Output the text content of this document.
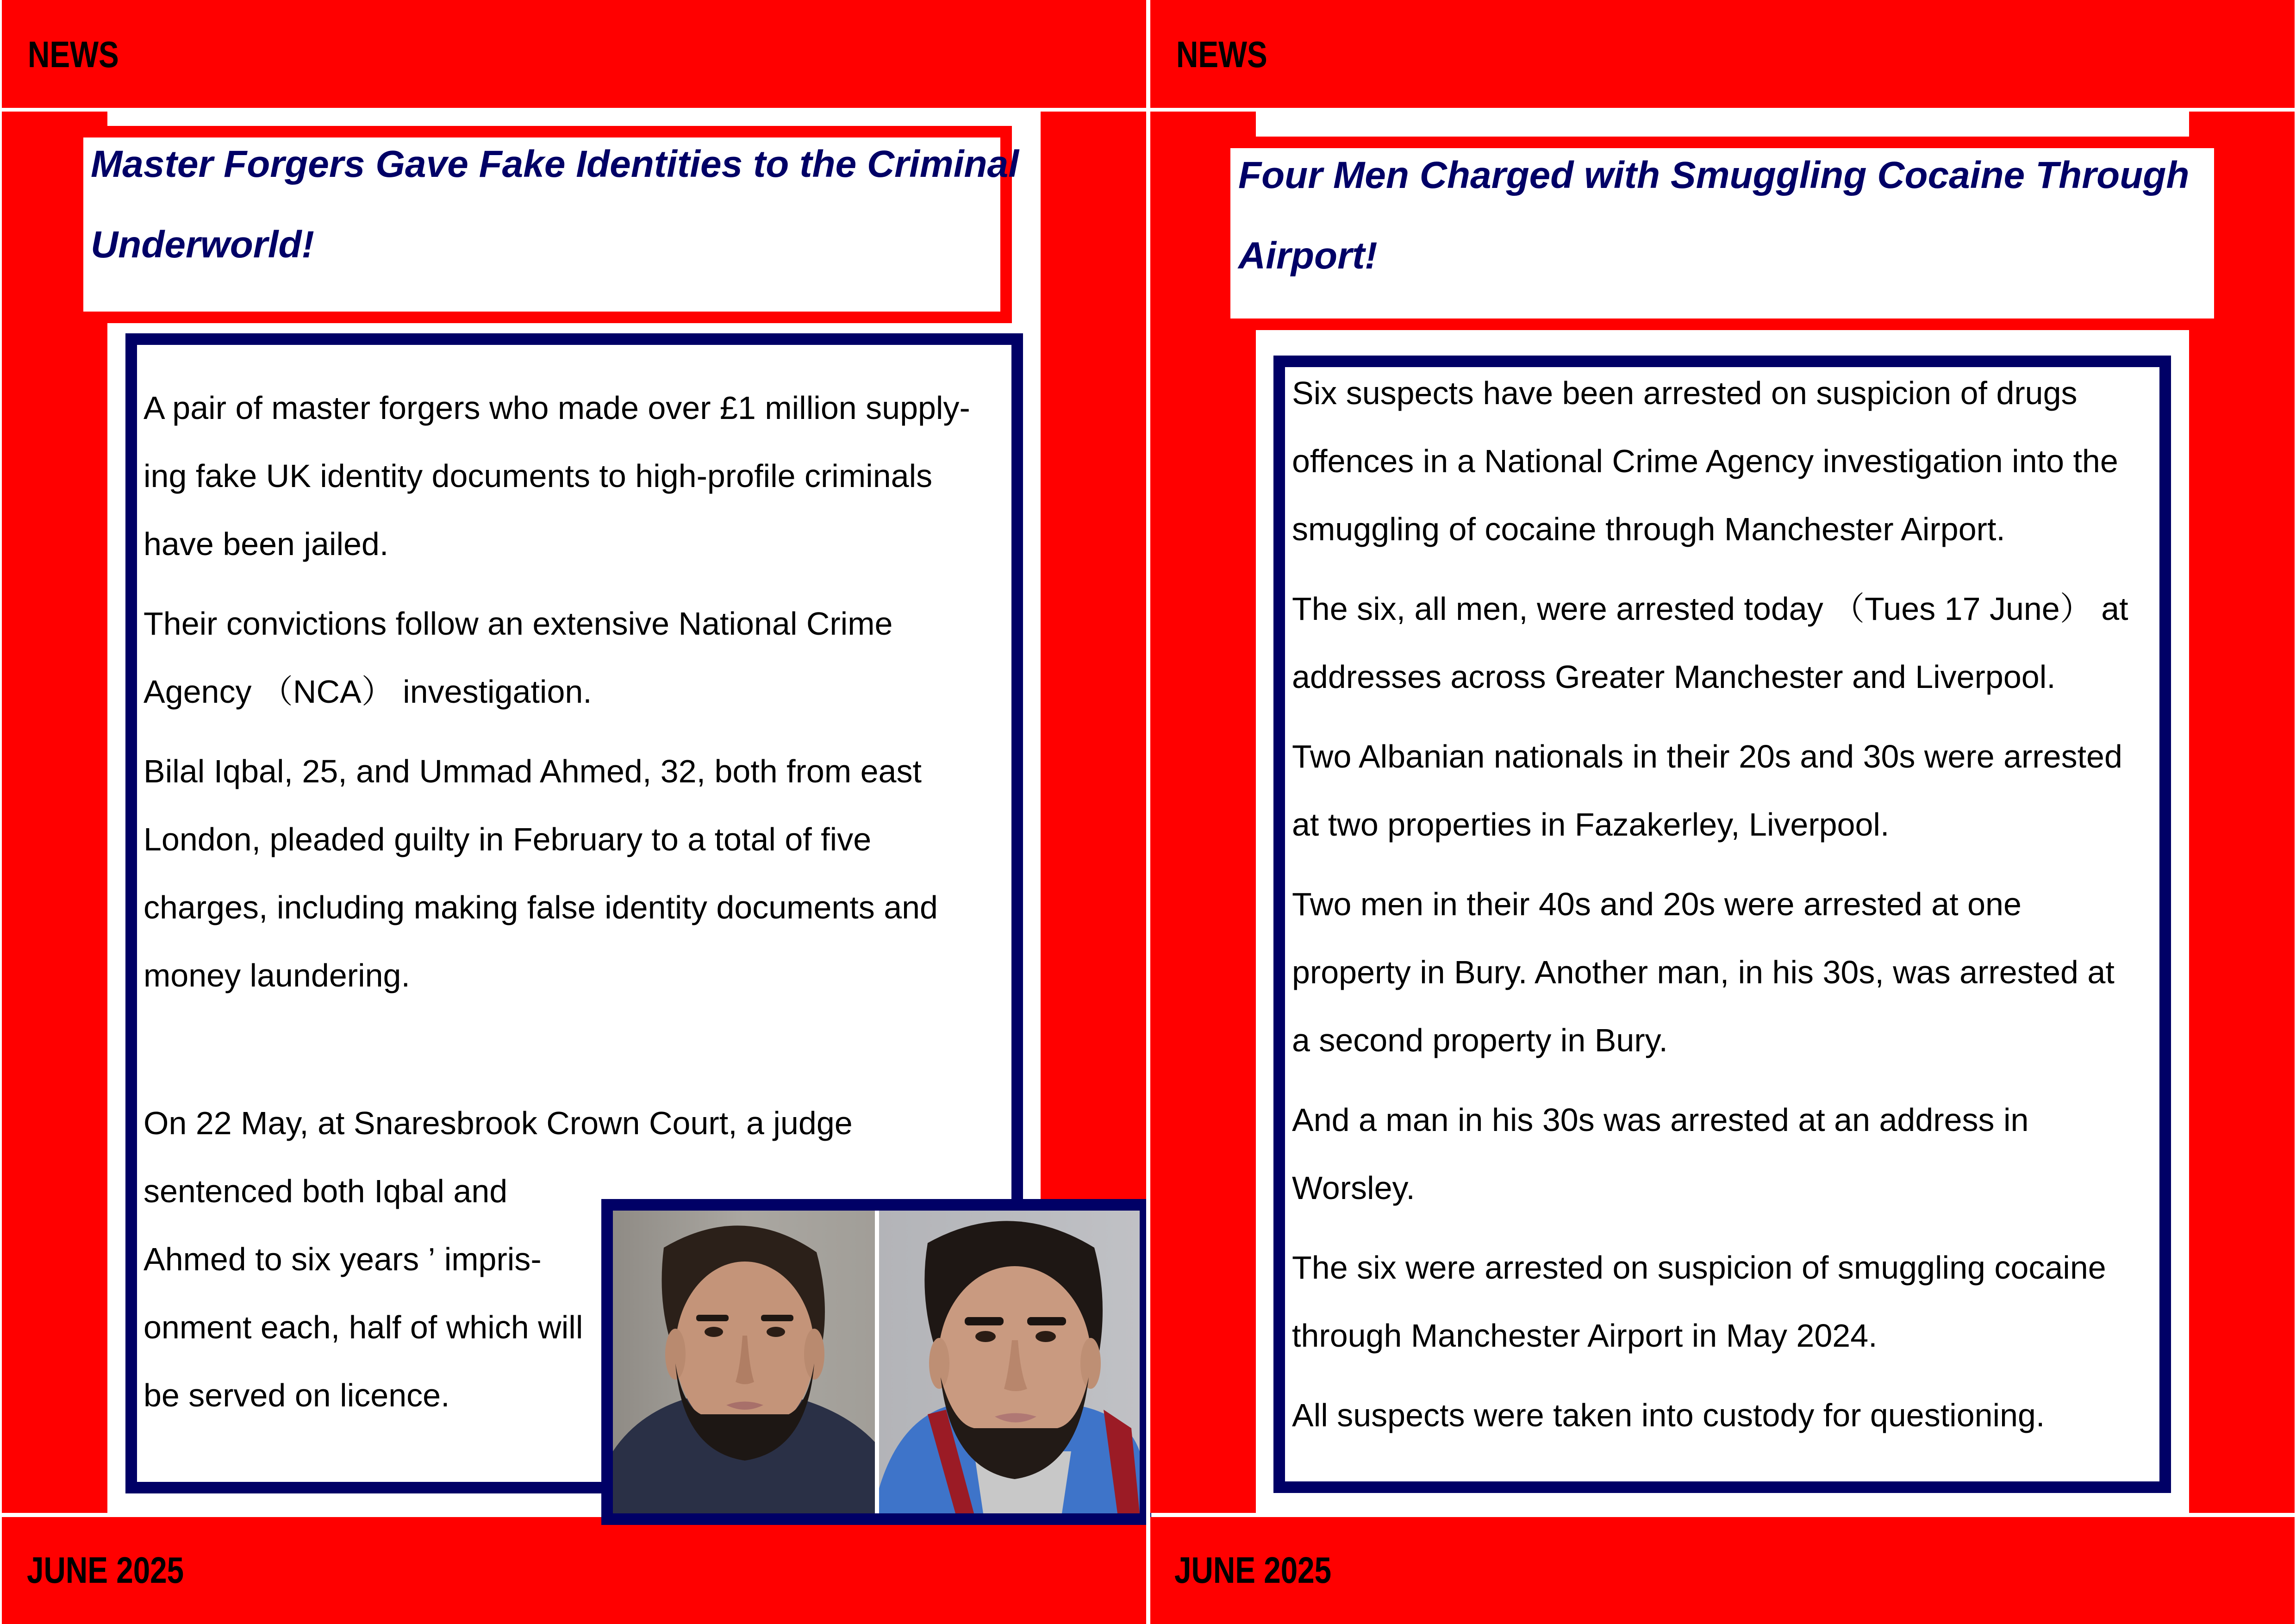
NEWS
Master Forgers Gave Fake Identities to the Criminal
Underworld!

A pair of master forgers who made over £1 million supply-
ing fake UK identity documents to high-profile criminals
have been jailed.

Their convictions follow an extensive National Crime
Agency （NCA） investigation.

Bilal Iqbal, 25, and Ummad Ahmed, 32, both from east
London, pleaded guilty in February to a total of five
charges, including making false identity documents and
money laundering.

On 22 May, at Snaresbrook Crown Court, a judge
sentenced both Iqbal and
Ahmed to six years ’ impris-
onment each, half of which will
be served on licence.

JUNE 2025
NEWS
Four Men Charged with Smuggling Cocaine Through
Airport!

Six suspects have been arrested on suspicion of drugs
offences in a National Crime Agency investigation into the
smuggling of cocaine through Manchester Airport.

The six, all men, were arrested today （Tues 17 June） at
addresses across Greater Manchester and Liverpool.

Two Albanian nationals in their 20s and 30s were arrested
at two properties in Fazakerley, Liverpool.

Two men in their 40s and 20s were arrested at one
property in Bury. Another man, in his 30s, was arrested at
a second property in Bury.

And a man in his 30s was arrested at an address in
Worsley.

The six were arrested on suspicion of smuggling cocaine
through Manchester Airport in May 2024.

All suspects were taken into custody for questioning.

JUNE 2025
